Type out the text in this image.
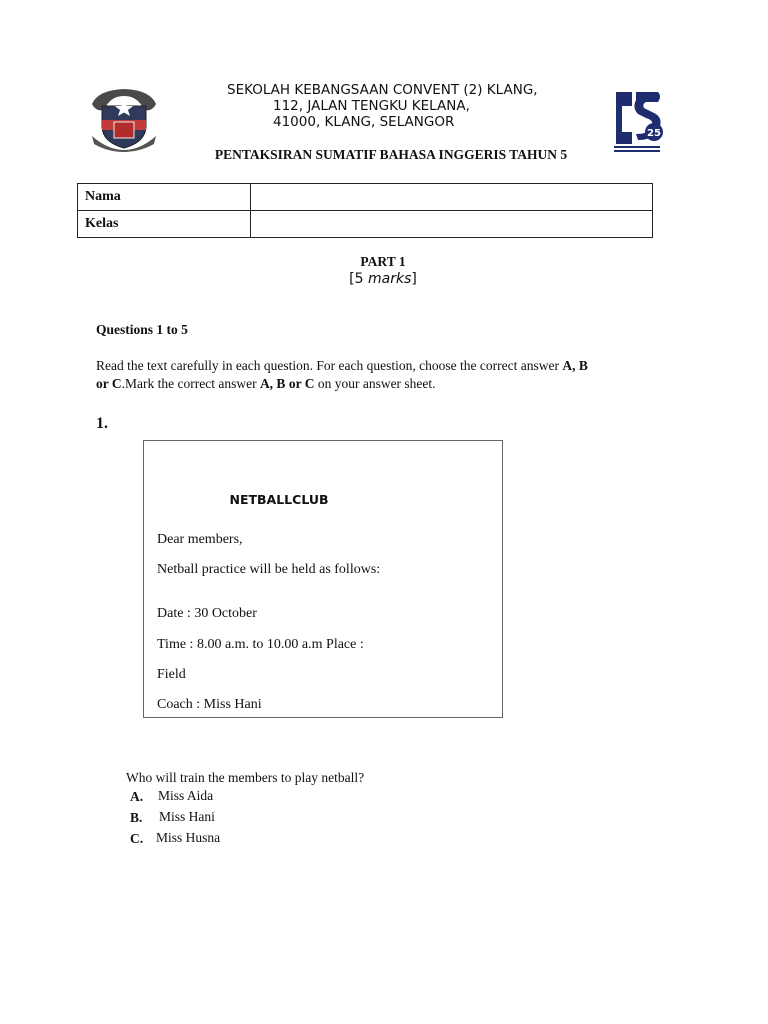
SEKOLAH KEBANGSAAN CONVENT (2) KLANG,
112, JALAN TENGKU KELANA,
41000, KLANG, SELANGOR
25
PENTAKSIRAN SUMATIF BAHASA INGGERIS TAHUN 5
Nama	
Kelas	
PART 1
[5 marks]
Questions 1 to 5
Read the text carefully in each question. For each question, choose the correct answer A, B or C.Mark the correct answer A, B or C on your answer sheet.
1.
NETBALLCLUB
Dear members,
Netball practice will be held as follows:
Date : 30 October
Time : 8.00 a.m. to 10.00 a.m Place :
Field
Coach : Miss Hani
Who will train the members to play netball?
A. Miss Aida
B. Miss Hani
C. Miss Husna
